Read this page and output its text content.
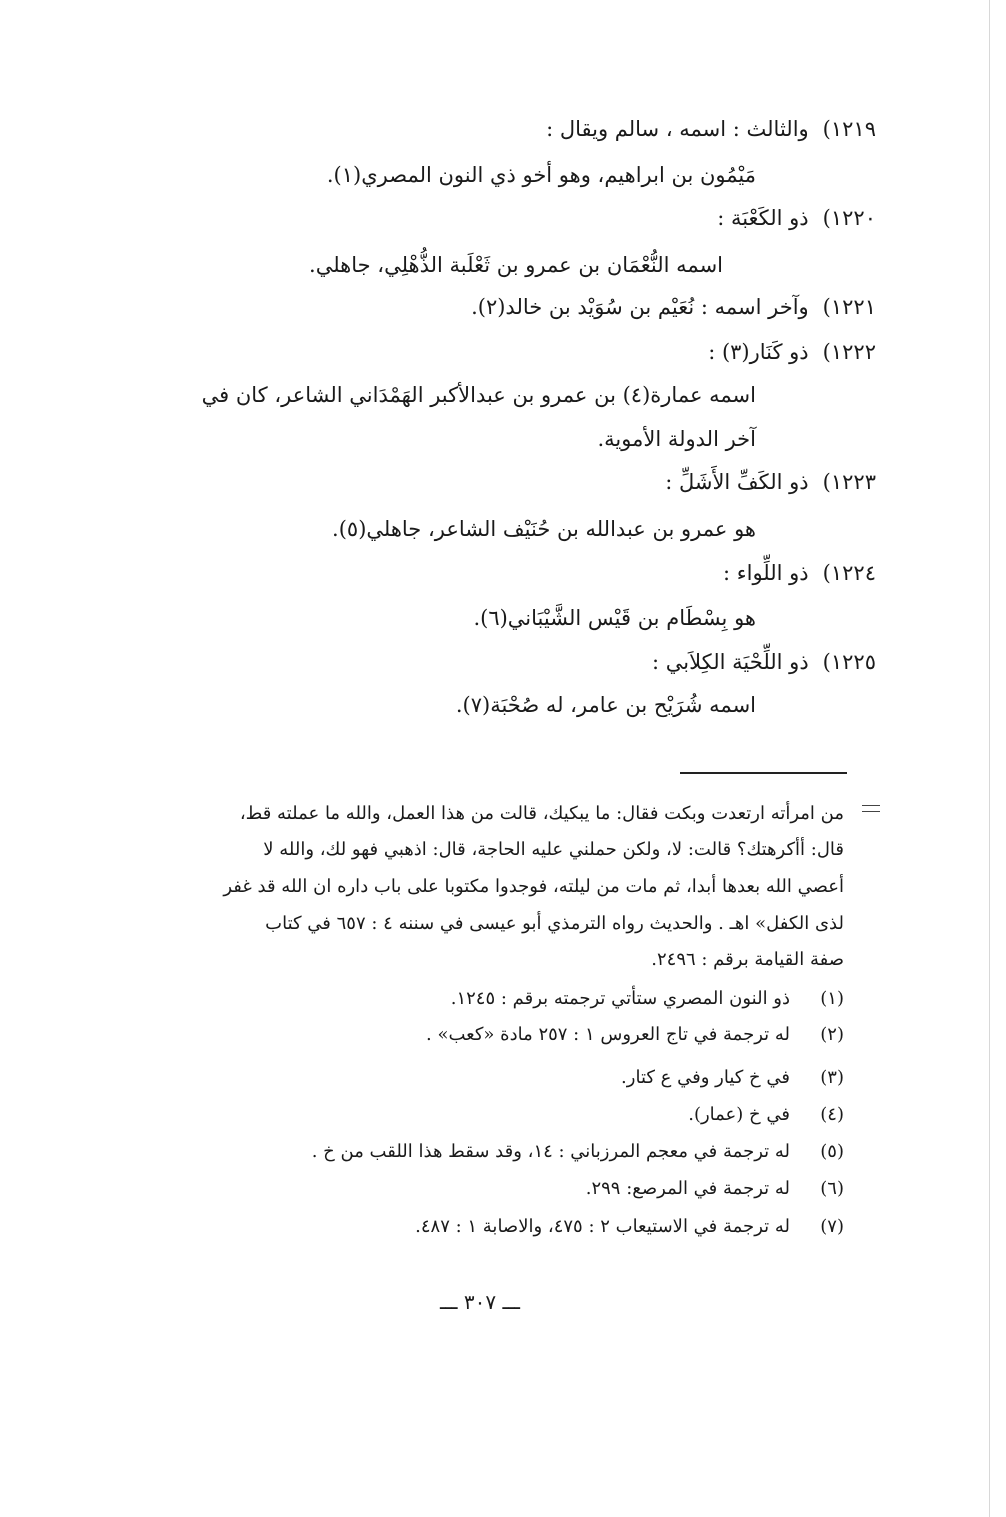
١٢١٩)والثالث : اسمه ، سالم ويقال :
مَيْمُون بن ابراهيم، وهو أخو ذي النون المصري(١).
١٢٢٠)ذو الكَعْبَة :
اسمه النُّعْمَان بن عمرو بن ثَعْلَبة الذُّهْلِي، جاهلي.
١٢٢١)وآخر اسمه : نُعَيْم بن سُوَيْد بن خالد(٢).
١٢٢٢)ذو كَنَار(٣) :
اسمه عمارة(٤) بن عمرو بن عبدالأكبر الهَمْدَاني الشاعر، كان في
آخر الدولة الأموية.
١٢٢٣)ذو الكَفِّ الأَشَلِّ :
هو عمرو بن عبدالله بن حُنَيْف الشاعر، جاهلي(٥).
١٢٢٤)ذو اللِّواء :
هو بِسْطَام بن قَيْس الشَّيْبَاني(٦).
١٢٢٥)ذو اللِّحْيَة الكِلاَبي :
اسمه شُرَيْح بن عامر، له صُحْبَة(٧).
من امرأته ارتعدت وبكت فقال: ما يبكيك، قالت من هذا العمل، والله ما عملته قط،
قال: أأكرهتك؟ قالت: لا، ولكن حملني عليه الحاجة، قال: اذهبي فهو لك، والله لا
أعصي الله بعدها أبدا، ثم مات من ليلته، فوجدوا مكتوبا على باب داره ان الله قد غفر
لذى الكفل» اهـ . والحديث رواه الترمذي أبو عيسى في سننه ٤ : ٦٥٧ في كتاب
صفة القيامة برقم : ٢٤٩٦.
(١)ذو النون المصري ستأتي ترجمته برقم : ١٢٤٥.
(٢)له ترجمة في تاج العروس ١ : ٢٥٧ مادة «كعب» .
(٣)في خ كيار وفي ع كتار.
(٤)في خ (عمار).
(٥)له ترجمة في معجم المرزباني : ١٤، وقد سقط هذا اللقب من خ .
(٦)له ترجمة في المرصع: ٢٩٩.
(٧)له ترجمة في الاستيعاب ٢ : ٤٧٥، والاصابة ١ : ٤٨٧.
ـــ ٣٠٧ ـــ
